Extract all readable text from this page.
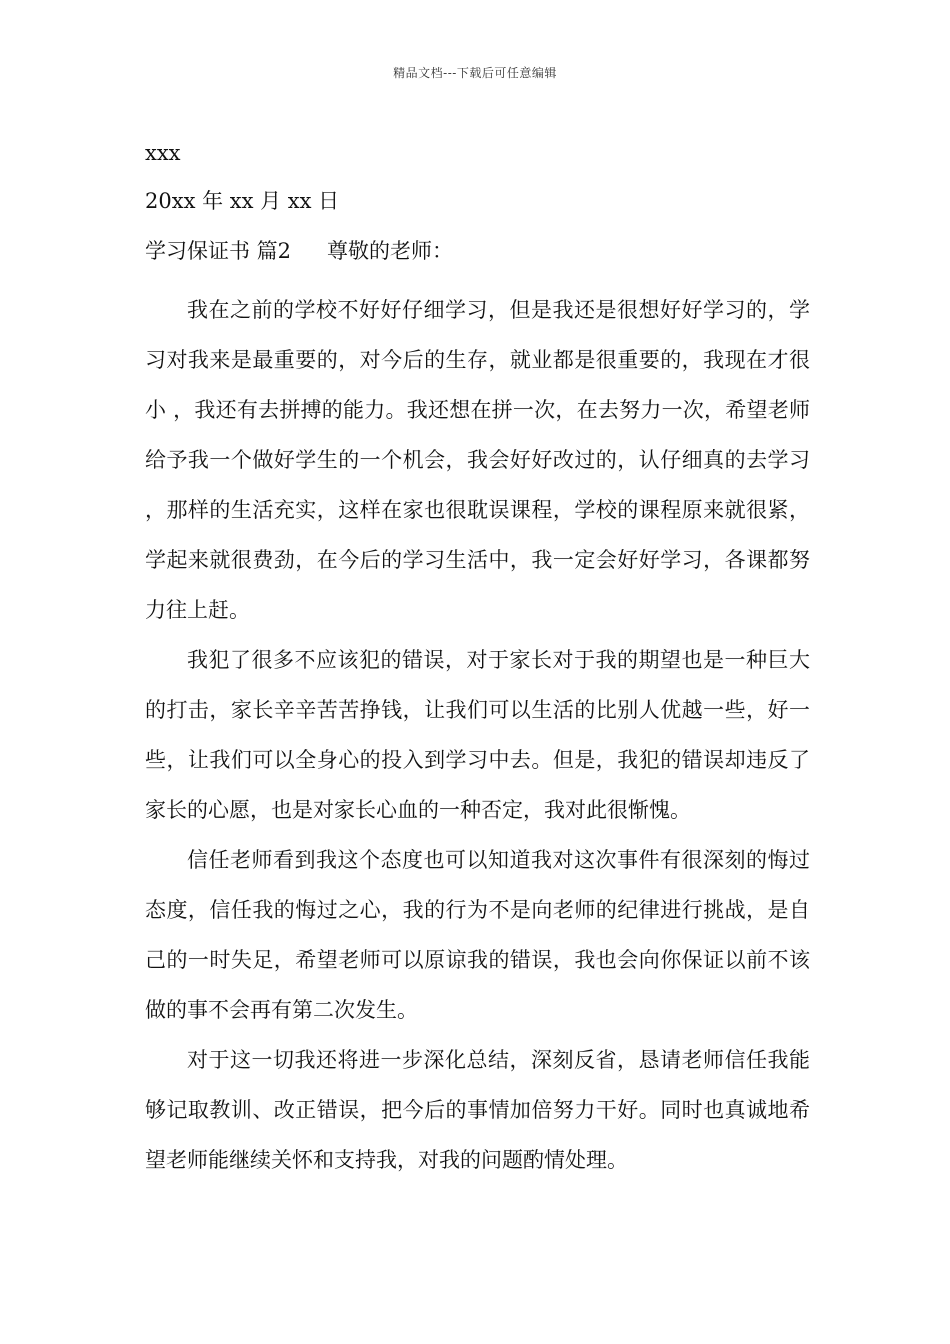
精品文档---下载后可任意编辑
xxx
20xx 年 xx 月 xx 日
学习保证书 篇2 尊敬的老师：

我在之前的学校不好好仔细学习，但是我还是很想好好学习的，学习对我来是最重要的，对今后的生存，就业都是很重要的，我现在才很小 ，我还有去拼搏的能力。我还想在拼一次，在去努力一次，希望老师给予我一个做好学生的一个机会，我会好好改过的，认仔细真的去学习 ，那样的生活充实，这样在家也很耽误课程，学校的课程原来就很紧，学起来就很费劲，在今后的学习生活中，我一定会好好学习，各课都努力往上赶。

我犯了很多不应该犯的错误，对于家长对于我的期望也是一种巨大的打击，家长辛辛苦苦挣钱，让我们可以生活的比别人优越一些，好一些，让我们可以全身心的投入到学习中去。但是，我犯的错误却违反了家长的心愿，也是对家长心血的一种否定，我对此很惭愧。

信任老师看到我这个态度也可以知道我对这次事件有很深刻的悔过态度，信任我的悔过之心，我的行为不是向老师的纪律进行挑战，是自己的一时失足，希望老师可以原谅我的错误，我也会向你保证以前不该做的事不会再有第二次发生。

对于这一切我还将进一步深化总结，深刻反省，恳请老师信任我能够记取教训、改正错误，把今后的事情加倍努力干好。同时也真诚地希望老师能继续关怀和支持我，对我的问题酌情处理。
